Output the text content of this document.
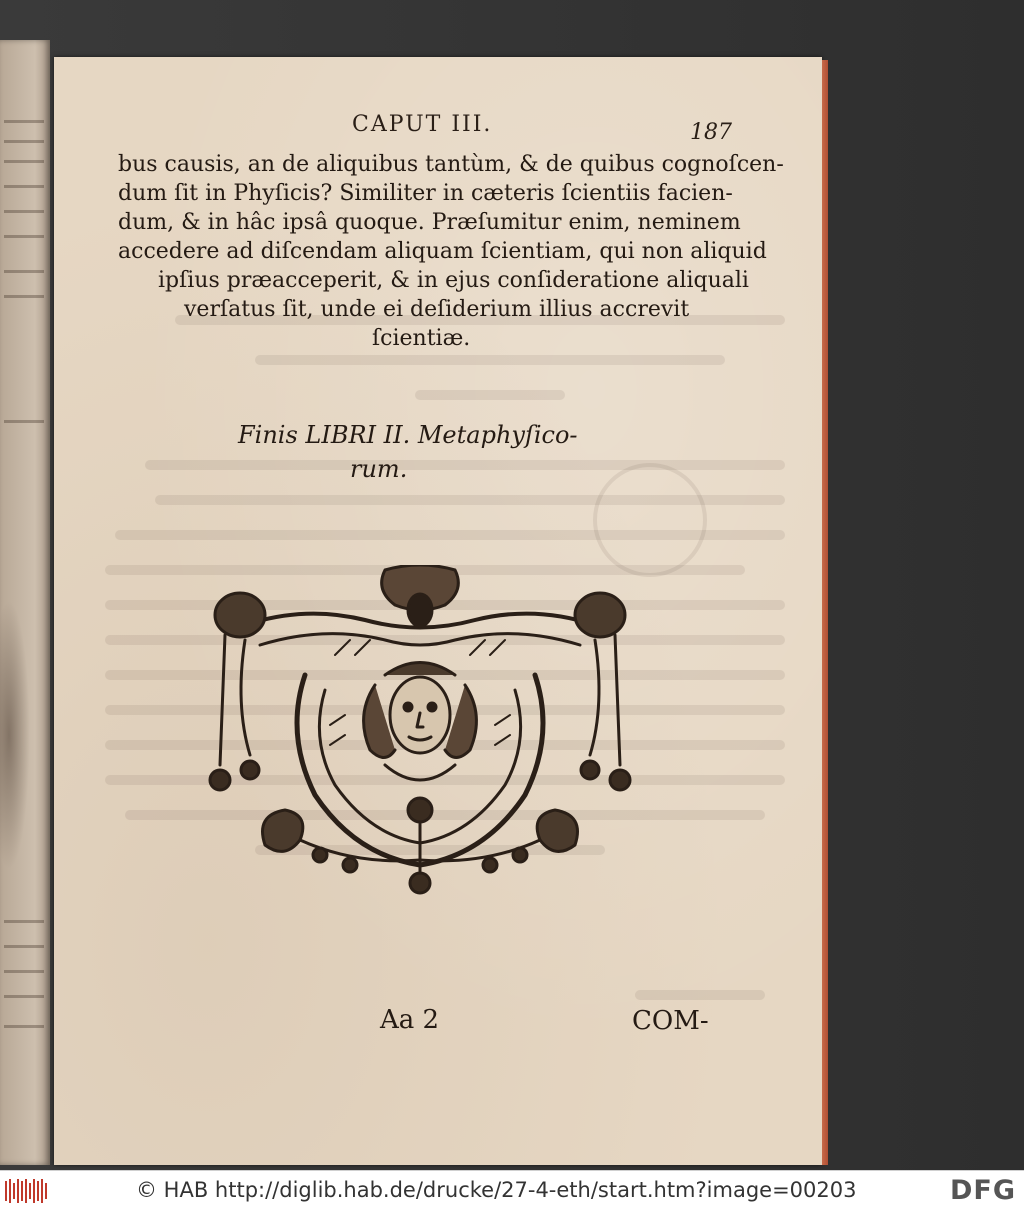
CAPUT III.	187
bus causis, an de aliquibus tantùm, & de quibus cognoſcen-
dum ſit in Phyſicis? Similiter in cæteris ſcientiis facien-
dum, & in hâc ipsâ quoque. Præſumitur enim, neminem
accedere ad diſcendam aliquam ſcientiam, qui non aliquid
ipſius præacceperit, & in ejus conſideratione aliquali
verſatus ſit, unde ei deſiderium illius accrevit
ſcientiæ.
Finis LIBRI II. Metaphyſico-
rum.
Aa 2	COM-
© HAB http://diglib.hab.de/drucke/27-4-eth/start.htm?image=00203	DFG
